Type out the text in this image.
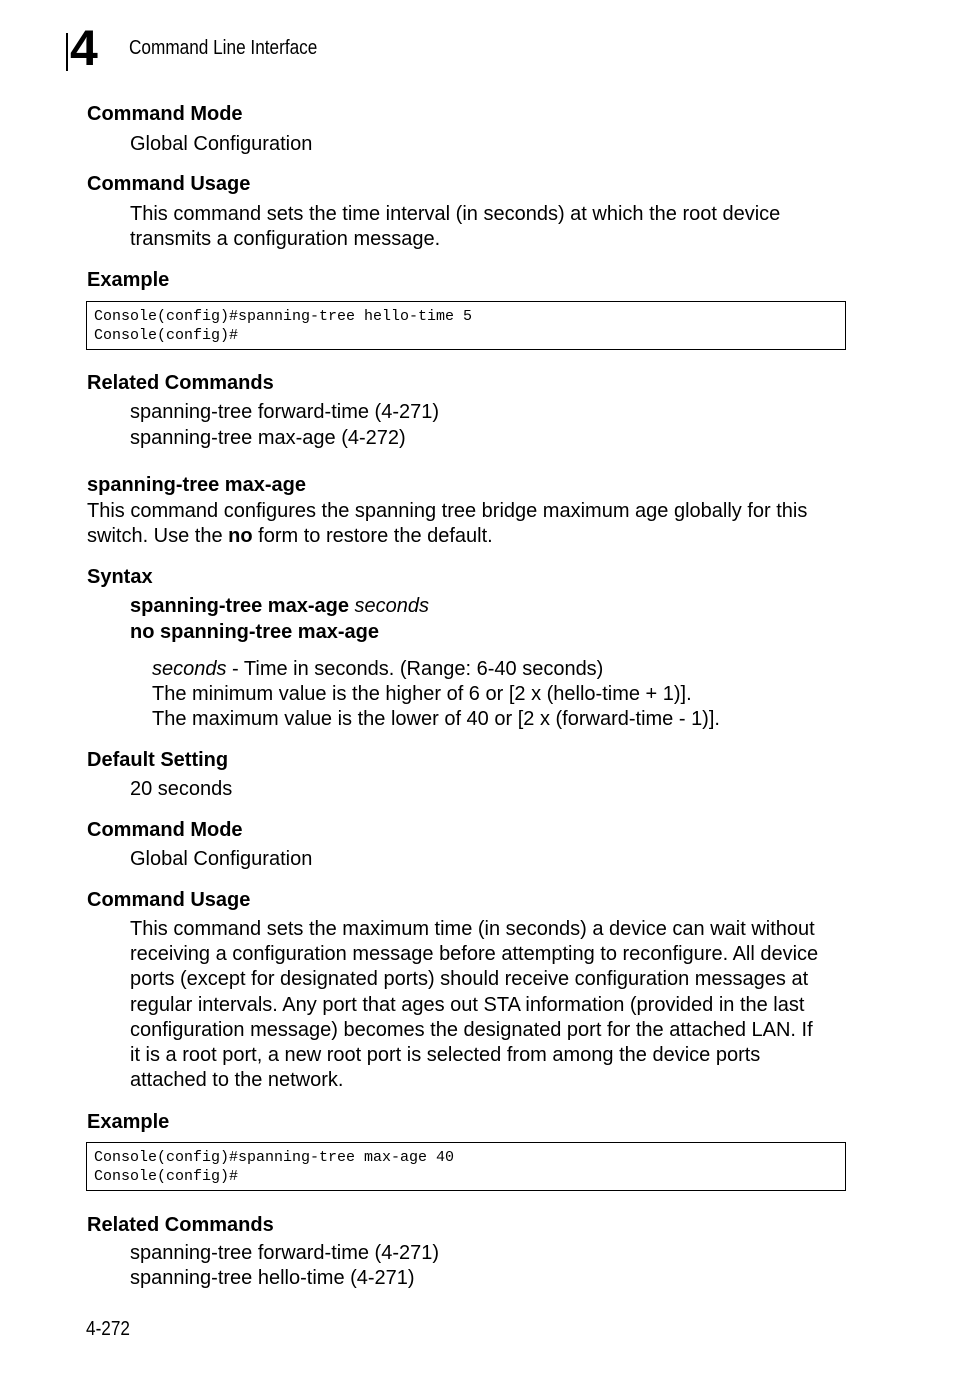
4 Command Line Interface
Command Mode
Global Configuration
Command Usage
This command sets the time interval (in seconds) at which the root device
transmits a configuration message.
Example
Console(config)#spanning-tree hello-time 5
Console(config)#
Related Commands
spanning-tree forward-time (4-271)
spanning-tree max-age (4-272)
spanning-tree max-age
This command configures the spanning tree bridge maximum age globally for this
switch. Use the no form to restore the default.
Syntax
spanning-tree max-age seconds
no spanning-tree max-age
seconds - Time in seconds. (Range: 6-40 seconds)
The minimum value is the higher of 6 or [2 x (hello-time + 1)].
The maximum value is the lower of 40 or [2 x (forward-time - 1)].
Default Setting
20 seconds
Command Mode
Global Configuration
Command Usage
This command sets the maximum time (in seconds) a device can wait without
receiving a configuration message before attempting to reconfigure. All device
ports (except for designated ports) should receive configuration messages at
regular intervals. Any port that ages out STA information (provided in the last
configuration message) becomes the designated port for the attached LAN. If
it is a root port, a new root port is selected from among the device ports
attached to the network.
Example
Console(config)#spanning-tree max-age 40
Console(config)#
Related Commands
spanning-tree forward-time (4-271)
spanning-tree hello-time (4-271)
4-272
